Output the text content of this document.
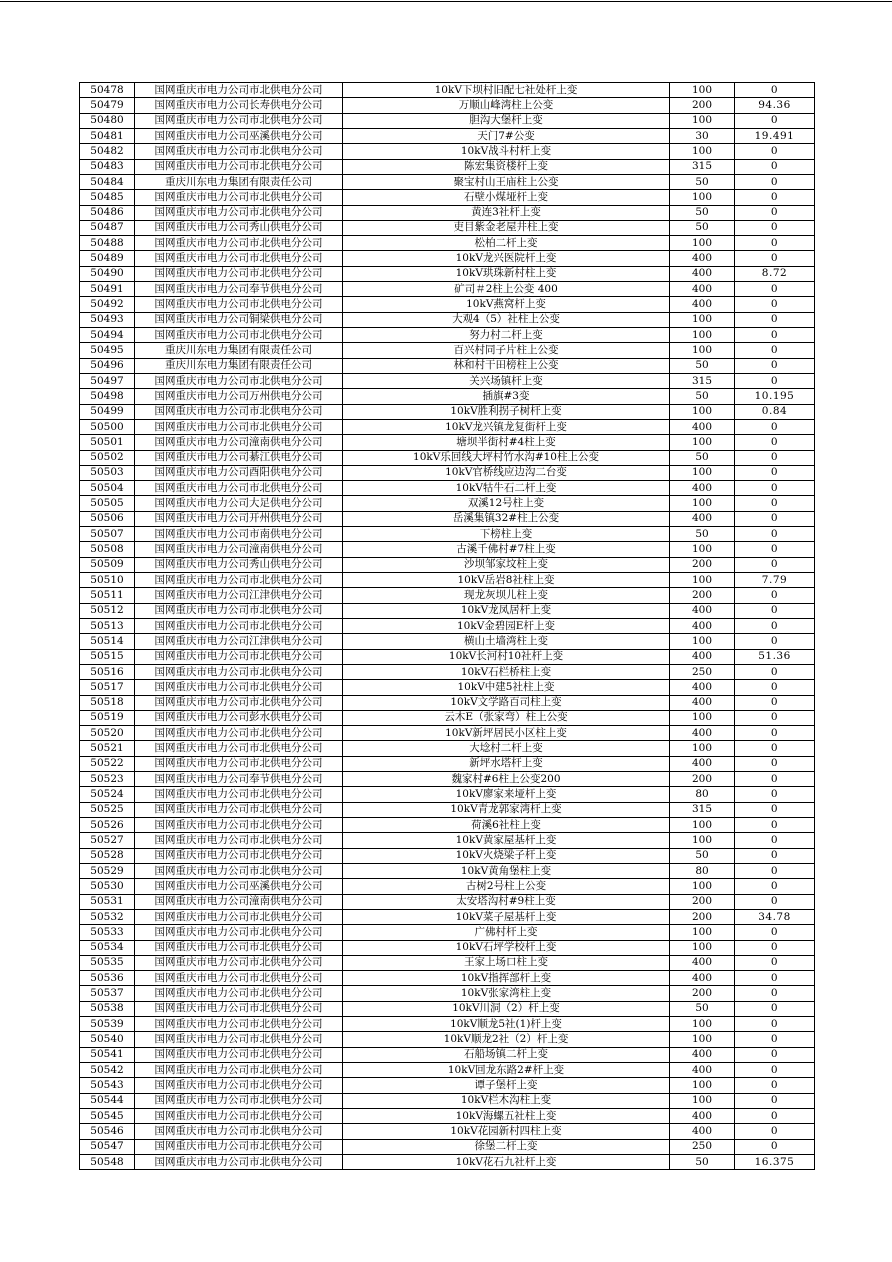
50478	国网重庆市电力公司市北供电分公司	10kV下坝村旧配七社处杆上变	100	0
50479	国网重庆市电力公司长寿供电分公司	万顺山峰湾柱上公变	200	94.36
50480	国网重庆市电力公司市北供电分公司	胆沟大堡杆上变	100	0
50481	国网重庆市电力公司巫溪供电分公司	天门7#公变	30	19.491
50482	国网重庆市电力公司市北供电分公司	10kV战斗村杆上变	100	0
50483	国网重庆市电力公司市北供电分公司	陈宏集资楼杆上变	315	0
50484	重庆川东电力集团有限责任公司	聚宝村山王庙柱上公变	50	0
50485	国网重庆市电力公司市北供电分公司	石壁小煤垭杆上变	100	0
50486	国网重庆市电力公司市北供电分公司	黄连3社杆上变	50	0
50487	国网重庆市电力公司秀山供电分公司	吏目紫金老屋井柱上变	50	0
50488	国网重庆市电力公司市北供电分公司	松柏二杆上变	100	0
50489	国网重庆市电力公司市北供电分公司	10kV龙兴医院杆上变	400	0
50490	国网重庆市电力公司市北供电分公司	10kV珙珠新村柱上变	400	8.72
50491	国网重庆市电力公司奉节供电分公司	矿司＃2柱上公变 400	400	0
50492	国网重庆市电力公司市北供电分公司	10kV燕窝杆上变	400	0
50493	国网重庆市电力公司铜梁供电分公司	大观4（5）社柱上公变	100	0
50494	国网重庆市电力公司市北供电分公司	努力村二杆上变	100	0
50495	重庆川东电力集团有限责任公司	百兴村同子片柱上公变	100	0
50496	重庆川东电力集团有限责任公司	林和村干田榜柱上公变	50	0
50497	国网重庆市电力公司市北供电分公司	关兴场镇杆上变	315	0
50498	国网重庆市电力公司万州供电分公司	插旗#3变	50	10.195
50499	国网重庆市电力公司市北供电分公司	10kV胜利拐子树杆上变	100	0.84
50500	国网重庆市电力公司市北供电分公司	10kV龙兴镇龙复街杆上变	400	0
50501	国网重庆市电力公司潼南供电分公司	塘坝半街村#4柱上变	100	0
50502	国网重庆市电力公司綦江供电分公司	10kV乐回线大坪村竹水沟#10柱上公变	50	0
50503	国网重庆市电力公司酉阳供电分公司	10kV官桥线应边沟二台变	100	0
50504	国网重庆市电力公司市北供电分公司	10kV牯牛石二杆上变	400	0
50505	国网重庆市电力公司大足供电分公司	双溪12号柱上变	100	0
50506	国网重庆市电力公司开州供电分公司	岳溪集镇32#柱上公变	400	0
50507	国网重庆市电力公司市南供电分公司	下榜柱上变	50	0
50508	国网重庆市电力公司潼南供电分公司	古溪千佛村#7柱上变	100	0
50509	国网重庆市电力公司秀山供电分公司	沙坝邹家坟柱上变	200	0
50510	国网重庆市电力公司市北供电分公司	10kV岳岩8社柱上变	100	7.79
50511	国网重庆市电力公司江津供电分公司	现龙灰坝儿柱上变	200	0
50512	国网重庆市电力公司市北供电分公司	10kV龙凤居杆上变	400	0
50513	国网重庆市电力公司市北供电分公司	10kV金碧园E杆上变	400	0
50514	国网重庆市电力公司江津供电分公司	横山土墙湾柱上变	100	0
50515	国网重庆市电力公司市北供电分公司	10kV长河村10社杆上变	400	51.36
50516	国网重庆市电力公司市北供电分公司	10kV石栏桥柱上变	250	0
50517	国网重庆市电力公司市北供电分公司	10kV中建5社柱上变	400	0
50518	国网重庆市电力公司市北供电分公司	10kV文学路百司柱上变	400	0
50519	国网重庆市电力公司彭水供电分公司	云木E（张家弯）柱上公变	100	0
50520	国网重庆市电力公司市北供电分公司	10kV新坪居民小区柱上变	400	0
50521	国网重庆市电力公司市北供电分公司	大埝村二杆上变	100	0
50522	国网重庆市电力公司市北供电分公司	新坪水塔杆上变	400	0
50523	国网重庆市电力公司奉节供电分公司	魏家村#6柱上公变200	200	0
50524	国网重庆市电力公司市北供电分公司	10kV廖家来垭杆上变	80	0
50525	国网重庆市电力公司市北供电分公司	10kV青龙郭家湾杆上变	315	0
50526	国网重庆市电力公司市北供电分公司	荷溪6社柱上变	100	0
50527	国网重庆市电力公司市北供电分公司	10kV黄家屋基杆上变	100	0
50528	国网重庆市电力公司市北供电分公司	10kV火烧梁子杆上变	50	0
50529	国网重庆市电力公司市北供电分公司	10kV黄角堡柱上变	80	0
50530	国网重庆市电力公司巫溪供电分公司	古树2号柱上公变	100	0
50531	国网重庆市电力公司潼南供电分公司	太安塔沟村#9柱上变	200	0
50532	国网重庆市电力公司市北供电分公司	10kV菜子屋基杆上变	200	34.78
50533	国网重庆市电力公司市北供电分公司	广佛村杆上变	100	0
50534	国网重庆市电力公司市北供电分公司	10kV石坪学校杆上变	100	0
50535	国网重庆市电力公司市北供电分公司	王家上场口柱上变	400	0
50536	国网重庆市电力公司市北供电分公司	10kV指挥部杆上变	400	0
50537	国网重庆市电力公司市北供电分公司	10kV张家湾柱上变	200	0
50538	国网重庆市电力公司市北供电分公司	10kV川洞（2）杆上变	50	0
50539	国网重庆市电力公司市北供电分公司	10kV顺龙5社(1)杆上变	100	0
50540	国网重庆市电力公司市北供电分公司	10kV顺龙2社（2）杆上变	100	0
50541	国网重庆市电力公司市北供电分公司	石船场镇二杆上变	400	0
50542	国网重庆市电力公司市北供电分公司	10kV回龙东路2#杆上变	400	0
50543	国网重庆市电力公司市北供电分公司	谭子堡杆上变	100	0
50544	国网重庆市电力公司市北供电分公司	10kV栏木沟柱上变	100	0
50545	国网重庆市电力公司市北供电分公司	10kV海螺五社柱上变	400	0
50546	国网重庆市电力公司市北供电分公司	10kV花园新村四柱上变	400	0
50547	国网重庆市电力公司市北供电分公司	徐堡二杆上变	250	0
50548	国网重庆市电力公司市北供电分公司	10kV花石九社杆上变	50	16.375
